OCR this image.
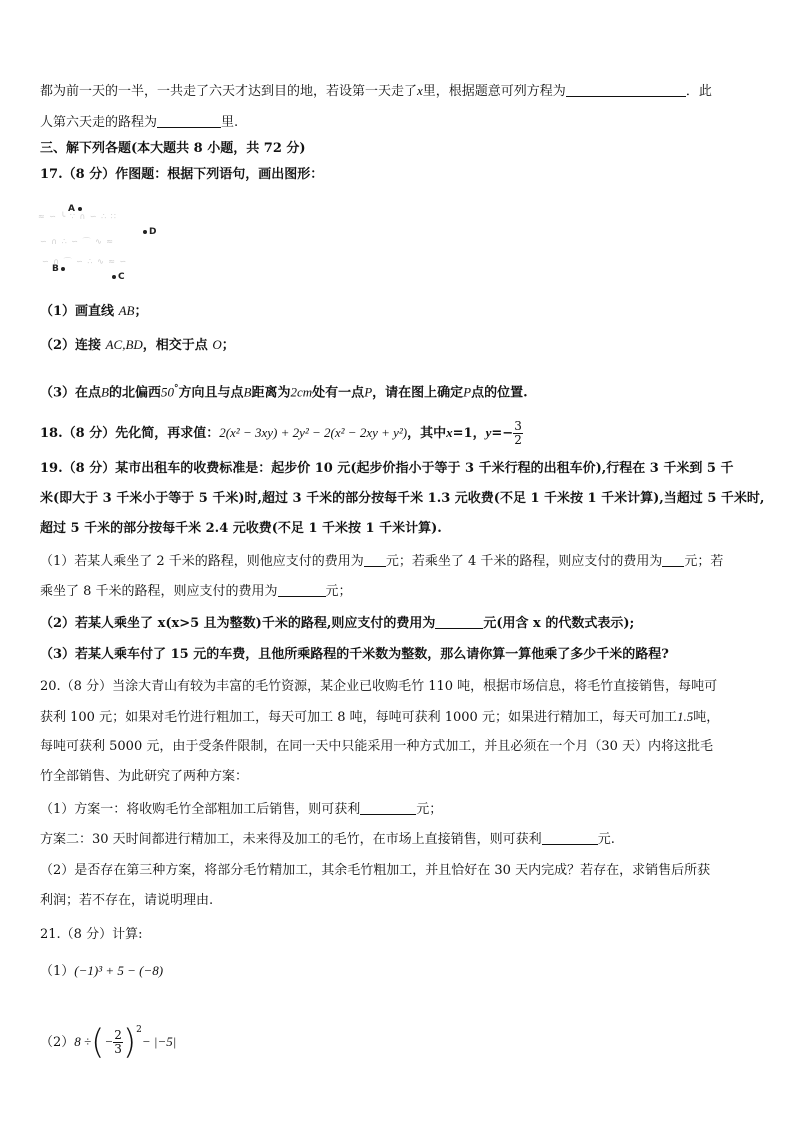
都为前一天的一半，一共走了六天才达到目的地，若设第一天走了x里，根据题意可列方程为	．此
人第六天走的路程为	里.
三、解下列各题(本大题共 8 小题，共 72 分)
17.（8 分）作图题：根据下列语句，画出图形：
≈ ∽ ╰ ∵ ∩ ∽ ∴ ∷
∽ ∩ ∴ ∽ ⌒ ∿ ≈
∽ ∩ ⌒ ∽ ∴ ∿ ≈ ∽
A
D
B
C
（1）画直线 AB；
（2）连接 AC,BD，相交于点 O；
（3）在点B的北偏西50°方向且与点B距离为2cm处有一点P，请在图上确定P点的位置.
18.（8 分）先化简，再求值：2(x² − 3xy) + 2y² − 2(x² − 2xy + y²)，其中x=1，$y=- \frac{3}{2}$
19.（8 分）某市出租车的收费标准是：起步价 10 元(起步价指小于等于 3 千米行程的出租车价),行程在 3 千米到 5 千
米(即大于 3 千米小于等于 5 千米)时,超过 3 千米的部分按每千米 1.3 元收费(不足 1 千米按 1 千米计算),当超过 5 千米时,
超过 5 千米的部分按每千米 2.4 元收费(不足 1 千米按 1 千米计算).
（1）若某人乘坐了 2 千米的路程，则他应支付的费用为 元；若乘坐了 4 千米的路程，则应支付的费用为 元；若
乘坐了 8 千米的路程，则应支付的费用为	元；
（2）若某人乘坐了 x(x>5 且为整数)千米的路程,则应支付的费用为	元(用含 x 的代数式表示);
（3）若某人乘车付了 15 元的车费，且他所乘路程的千米数为整数，那么请你算一算他乘了多少千米的路程?
20.（8 分）当涂大青山有较为丰富的毛竹资源，某企业已收购毛竹 110 吨，根据市场信息，将毛竹直接销售，每吨可
获利 100 元；如果对毛竹进行粗加工，每天可加工 8 吨，每吨可获利 1000 元；如果进行精加工，每天可加工1.5吨，
每吨可获利 5000 元，由于受条件限制，在同一天中只能采用一种方式加工，并且必须在一个月（30 天）内将这批毛
竹全部销售、为此研究了两种方案：
（1）方案一：将收购毛竹全部粗加工后销售，则可获利	元；
方案二：30 天时间都进行精加工，未来得及加工的毛竹，在市场上直接销售，则可获利	元.
（2）是否存在第三种方案，将部分毛竹精加工，其余毛竹粗加工，并且恰好在 30 天内完成？若存在，求销售后所获
利润；若不存在，请说明理由.
21.（8 分）计算:
（1）(−1)³ + 5 − (−8)
（2）8 ÷(− $\frac{2}{3} )^2- |-5|$
